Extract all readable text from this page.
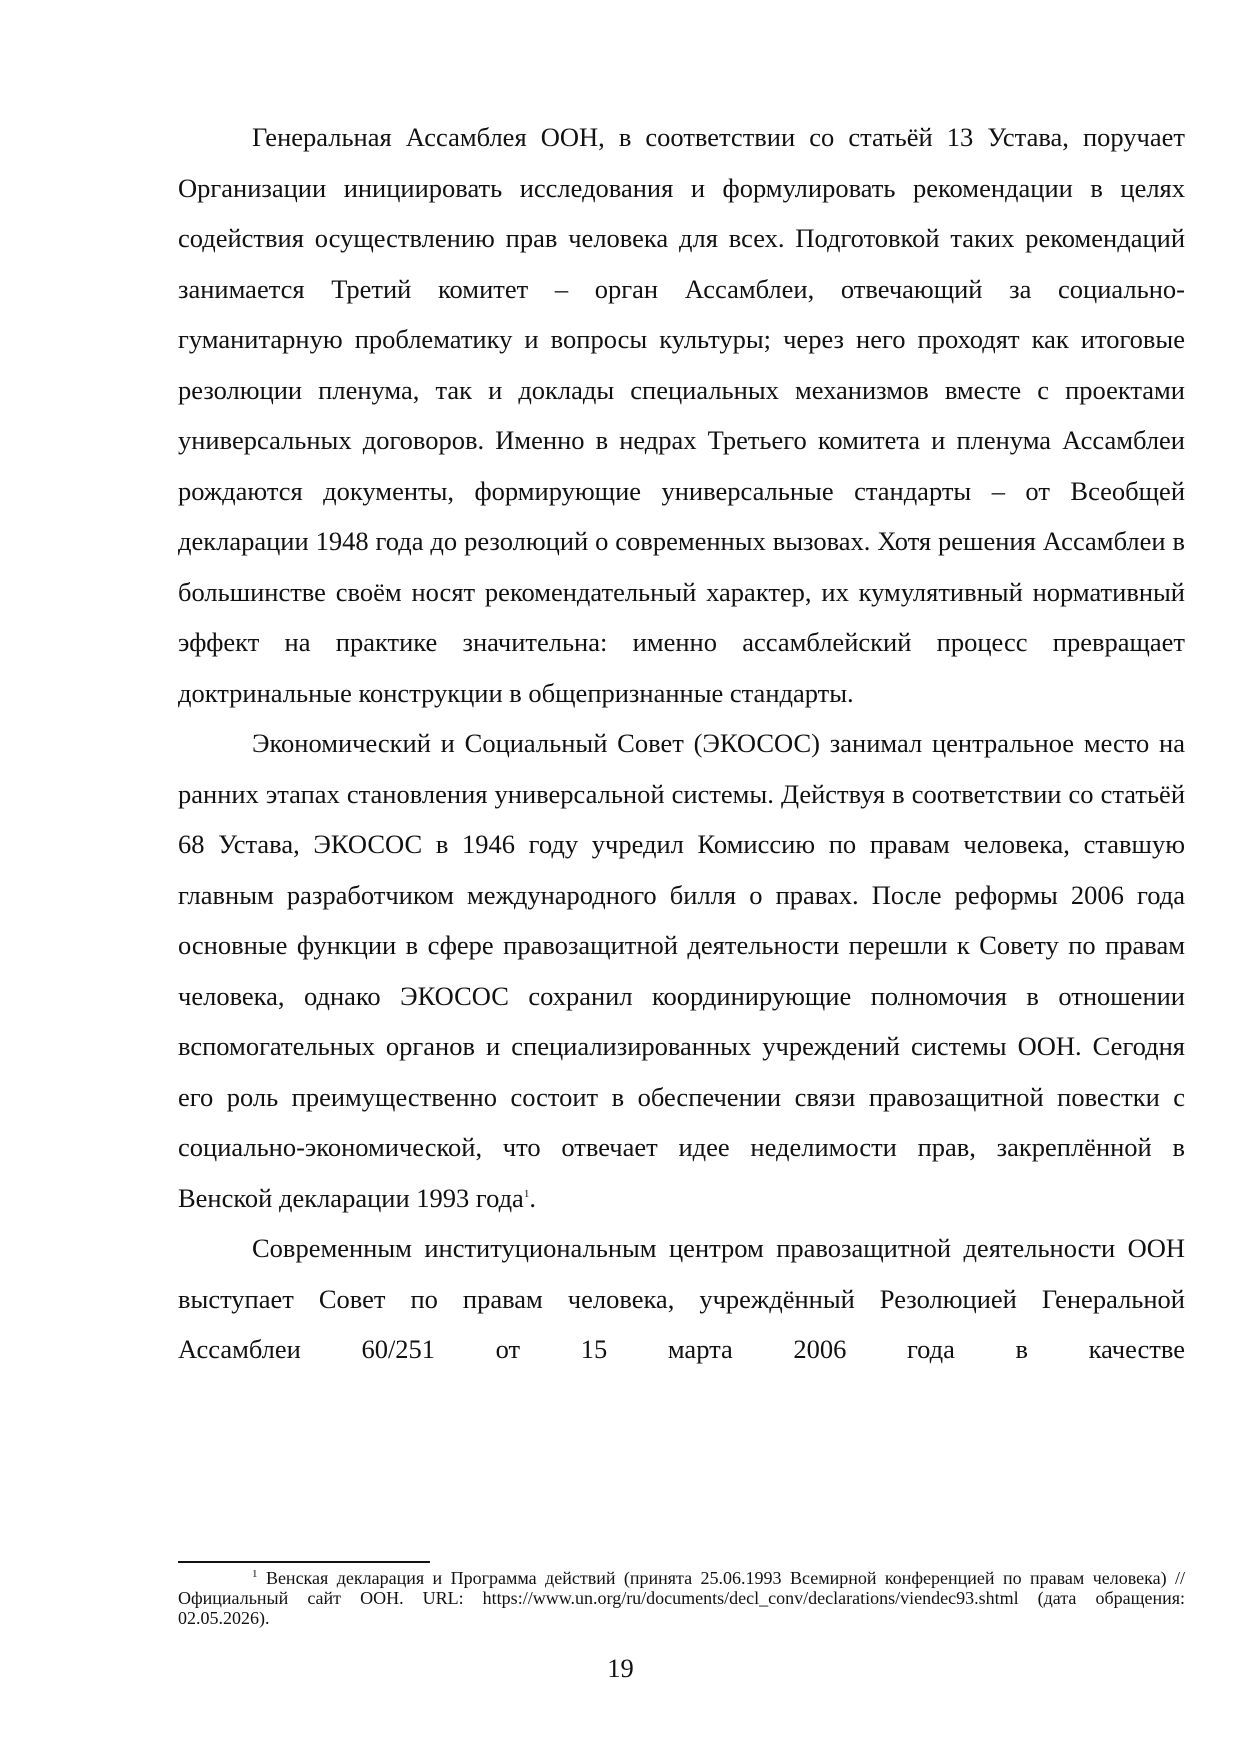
Генеральная Ассамблея ООН, в соответствии со статьёй 13 Устава, поручает Организации инициировать исследования и формулировать рекомендации в целях содействия осуществлению прав человека для всех. Подготовкой таких рекомендаций занимается Третий комитет – орган Ассамблеи, отвечающий за социально-гуманитарную проблематику и вопросы культуры; через него проходят как итоговые резолюции пленума, так и доклады специальных механизмов вместе с проектами универсальных договоров. Именно в недрах Третьего комитета и пленума Ассамблеи рождаются документы, формирующие универсальные стандарты – от Всеобщей декларации 1948 года до резолюций о современных вызовах. Хотя решения Ассамблеи в большинстве своём носят рекомендательный характер, их кумулятивный нормативный эффект на практике значительна: именно ассамблейский процесс превращает доктринальные конструкции в общепризнанные стандарты.

Экономический и Социальный Совет (ЭКОСОС) занимал центральное место на ранних этапах становления универсальной системы. Действуя в соответствии со статьёй 68 Устава, ЭКОСОС в 1946 году учредил Комиссию по правам человека, ставшую главным разработчиком международного билля о правах. После реформы 2006 года основные функции в сфере правозащитной деятельности перешли к Совету по правам человека, однако ЭКОСОС сохранил координирующие полномочия в отношении вспомогательных органов и специализированных учреждений системы ООН. Сегодня его роль преимущественно состоит в обеспечении связи правозащитной повестки с социально-экономической, что отвечает идее неделимости прав, закреплённой в Венской декларации 1993 года$^1$.

Современным институциональным центром правозащитной деятельности ООН выступает Совет по правам человека, учреждённый Резолюцией Генеральной Ассамблеи 60/251 от 15 марта 2006 года в качестве

$^1$ Венская декларация и Программа действий (принята 25.06.1993 Всемирной конференцией по правам человека) // Официальный сайт ООН. URL: https://www.un.org/ru/documents/decl_conv/declarations/viendec93.shtml (дата обращения: 02.05.2026).

19
